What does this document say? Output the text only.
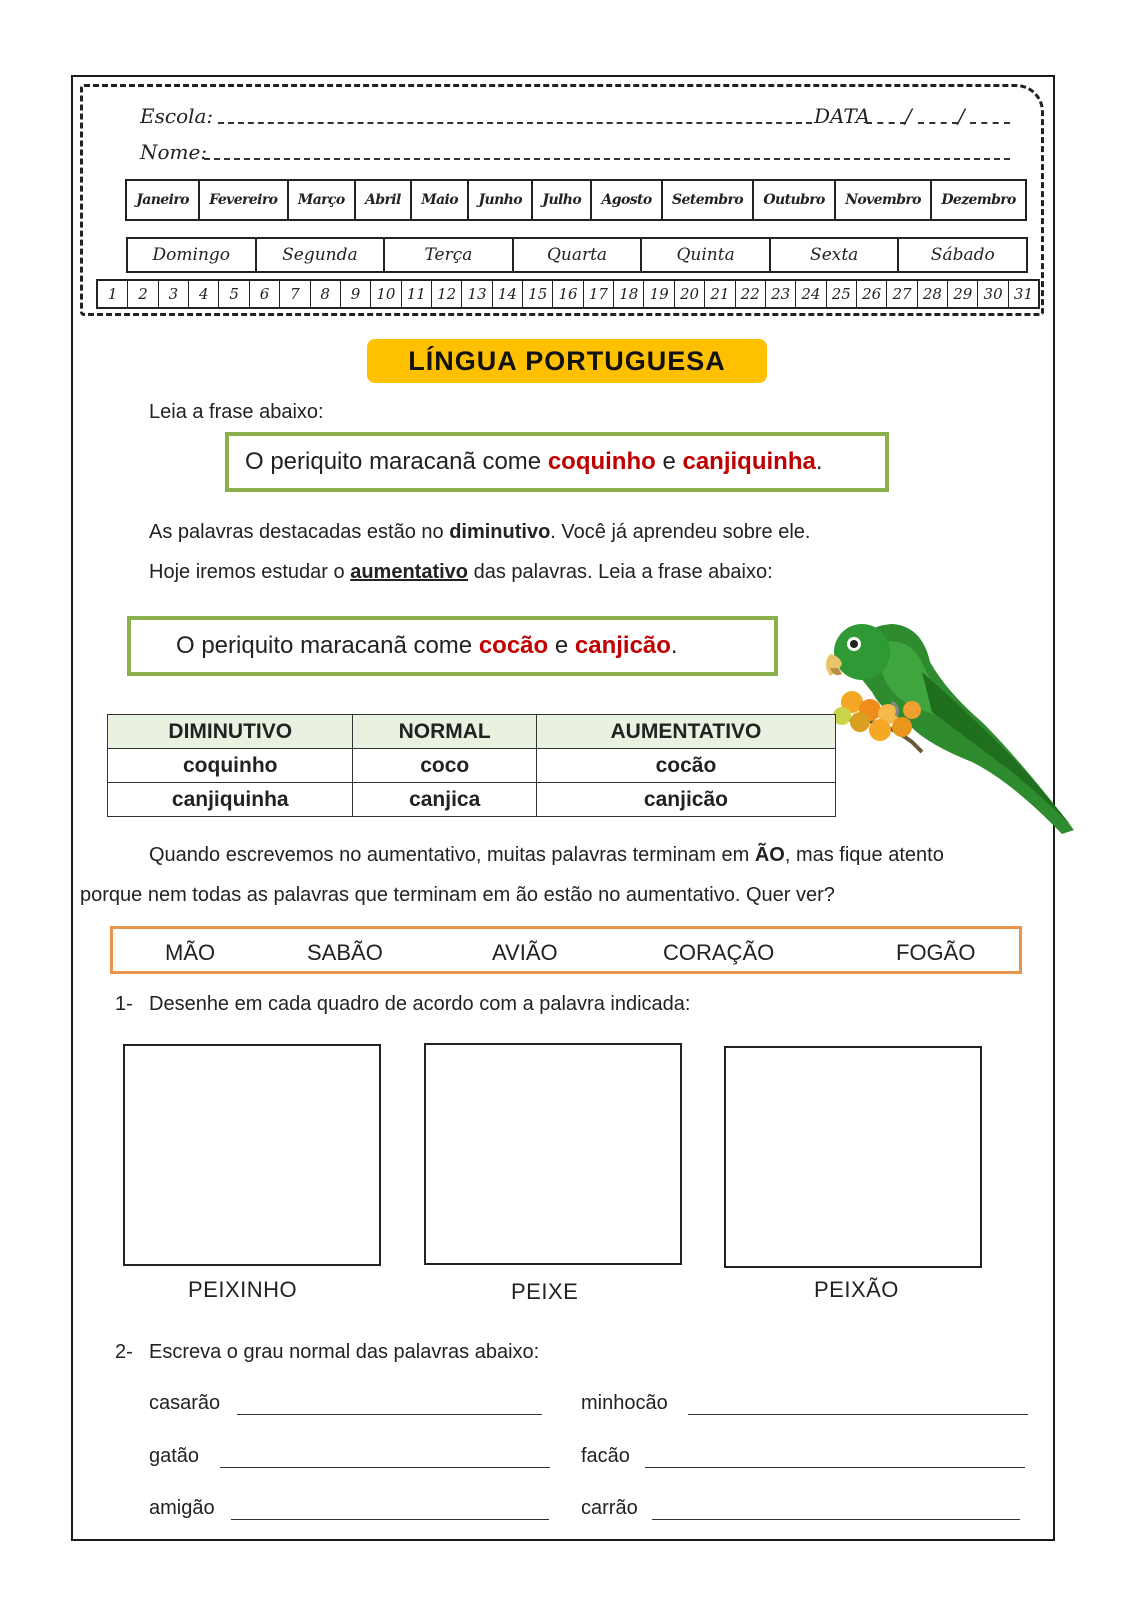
Escola:	DATA / /
Nome:
Janeiro	Fevereiro	Março	Abril	Maio	Junho	Julho	Agosto	Setembro	Outubro	Novembro	Dezembro
Domingo	Segunda	Terça	Quarta	Quinta	Sexta	Sábado
1	2	3	4	5	6	7	8	9	10 11 12 13 14 15 16 17 18 19 20 21 22 23 24 25 26 27 28 29 30 31
LÍNGUA PORTUGUESA
Leia a frase abaixo:
O periquito maracanã come coquinho e canjiquinha .
As palavras destacadas estão no diminutivo. Você já aprendeu sobre ele.
Hoje iremos estudar o aumentativo das palavras. Leia a frase abaixo:
O periquito maracanã come cocão e canjicão .
DIMINUTIVO	NORMAL	AUMENTATIVO
coquinho	coco	cocão
canjiquinha	canjica	canjicão
Quando escrevemos no aumentativo, muitas palavras terminam em ÃO, mas fique atento
porque nem todas as palavras que terminam em ão estão no aumentativo. Quer ver?
MÃO	SABÃO	AVIÃO	CORAÇÃO	FOGÃO
1- Desenhe em cada quadro de acordo com a palavra indicada:
PEIXINHO	PEIXE	PEIXÃO
2- Escreva o grau normal das palavras abaixo:
casarão	minhocão
gatão	facão
amigão	carrão
